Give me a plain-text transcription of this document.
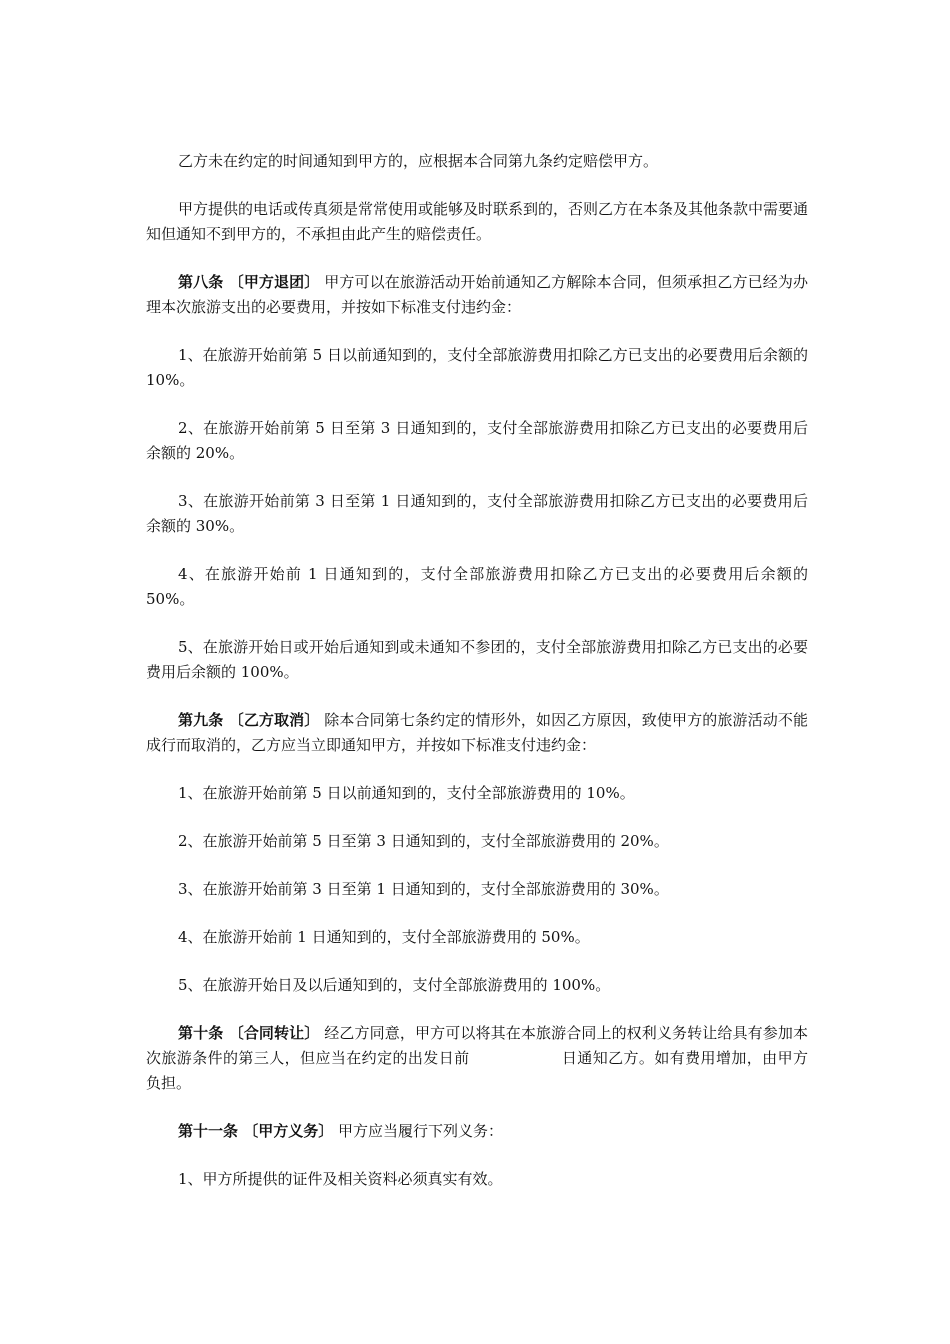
乙方未在约定的时间通知到甲方的，应根据本合同第九条约定赔偿甲方。

甲方提供的电话或传真须是常常使用或能够及时联系到的，否则乙方在本条及其他条款中需要通知但通知不到甲方的，不承担由此产生的赔偿责任。

第八条 〔甲方退团〕 甲方可以在旅游活动开始前通知乙方解除本合同，但须承担乙方已经为办理本次旅游支出的必要费用，并按如下标准支付违约金：

1、在旅游开始前第 5 日以前通知到的，支付全部旅游费用扣除乙方已支出的必要费用后余额的 10%。

2、在旅游开始前第 5 日至第 3 日通知到的，支付全部旅游费用扣除乙方已支出的必要费用后余额的 20%。

3、在旅游开始前第 3 日至第 1 日通知到的，支付全部旅游费用扣除乙方已支出的必要费用后余额的 30%。

4、在旅游开始前 1 日通知到的，支付全部旅游费用扣除乙方已支出的必要费用后余额的 50%。

5、在旅游开始日或开始后通知到或未通知不参团的，支付全部旅游费用扣除乙方已支出的必要费用后余额的 100%。

第九条 〔乙方取消〕 除本合同第七条约定的情形外，如因乙方原因，致使甲方的旅游活动不能成行而取消的，乙方应当立即通知甲方，并按如下标准支付违约金：

1、在旅游开始前第 5 日以前通知到的，支付全部旅游费用的 10%。

2、在旅游开始前第 5 日至第 3 日通知到的，支付全部旅游费用的 20%。

3、在旅游开始前第 3 日至第 1 日通知到的，支付全部旅游费用的 30%。

4、在旅游开始前 1 日通知到的，支付全部旅游费用的 50%。

5、在旅游开始日及以后通知到的，支付全部旅游费用的 100%。

第十条 〔合同转让〕 经乙方同意，甲方可以将其在本旅游合同上的权利义务转让给具有参加本次旅游条件的第三人，但应当在约定的出发日前	日通知乙方。如有费用增加，由甲方负担。

第十一条 〔甲方义务〕 甲方应当履行下列义务：

1、甲方所提供的证件及相关资料必须真实有效。
